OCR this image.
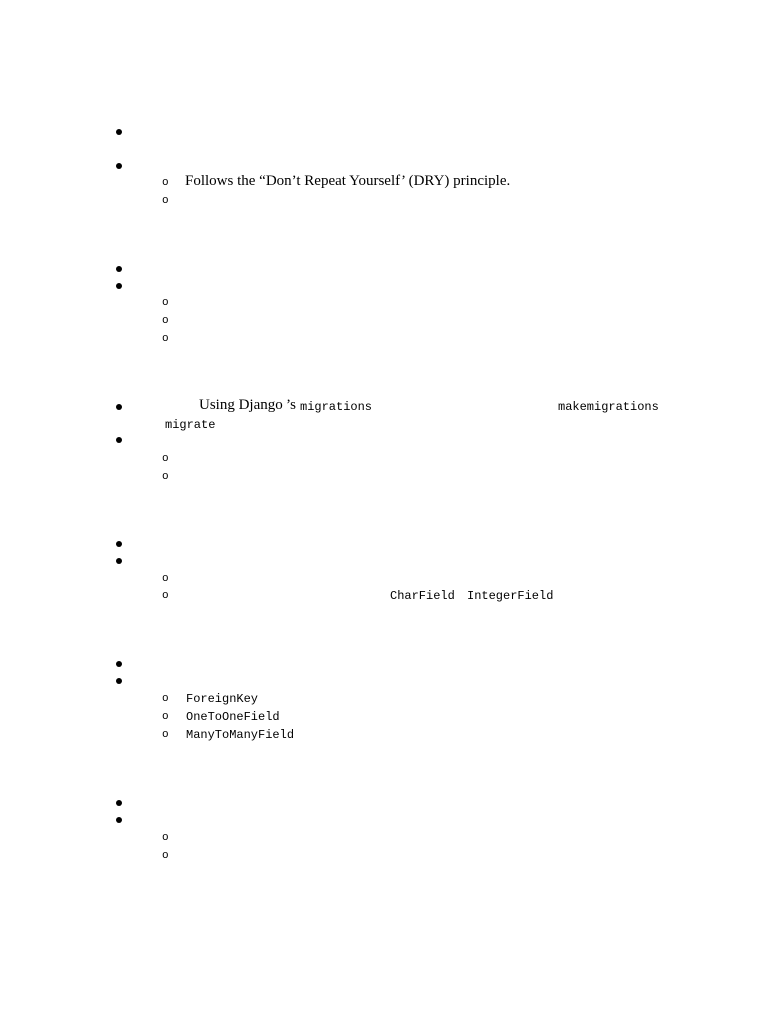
o Follows the “Don’t Repeat Yourself’ (DRY) principle.
o
o
o
o
Using Django ’s migrations	makemigrations
migrate
o
o
o
o	CharField IntegerField
o ForeignKey
o OneToOneField
o ManyToManyField
o
o
